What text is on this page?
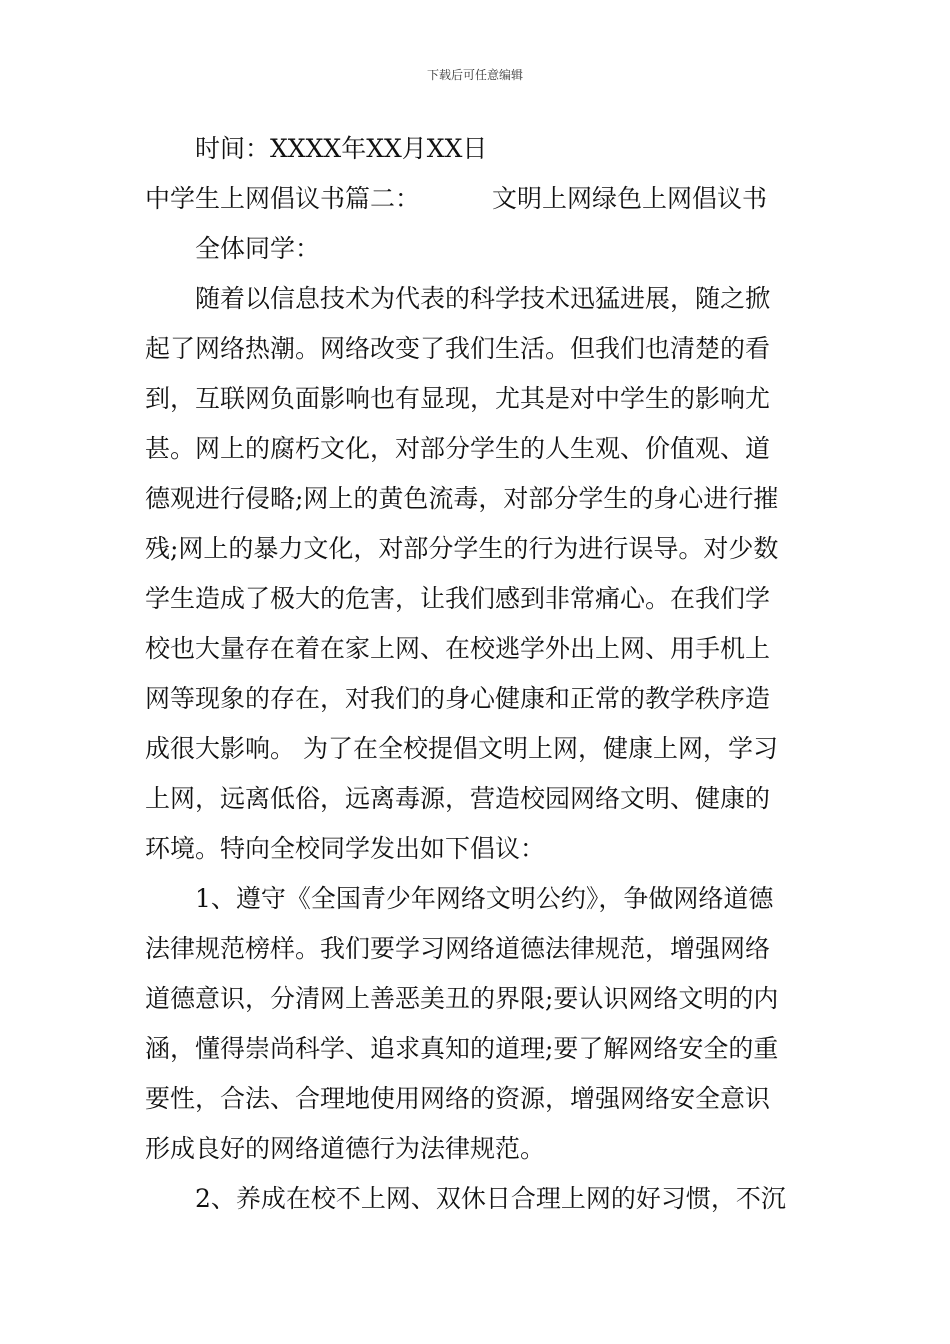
下载后可任意编辑
时间：XXXX年XX月XX日
中学生上网倡议书篇二：	文明上网绿色上网倡议书
全体同学：
随着以信息技术为代表的科学技术迅猛进展，随之掀
起了网络热潮。网络改变了我们生活。但我们也清楚的看
到，互联网负面影响也有显现，尤其是对中学生的影响尤
甚。网上的腐朽文化，对部分学生的人生观、价值观、道
德观进行侵略;网上的黄色流毒，对部分学生的身心进行摧
残;网上的暴力文化，对部分学生的行为进行误导。对少数
学生造成了极大的危害，让我们感到非常痛心。在我们学
校也大量存在着在家上网、在校逃学外出上网、用手机上
网等现象的存在，对我们的身心健康和正常的教学秩序造
成很大影响。 为了在全校提倡文明上网，健康上网，学习
上网，远离低俗，远离毒源，营造校园网络文明、健康的
环境。特向全校同学发出如下倡议：
1、遵守《全国青少年网络文明公约》，争做网络道德
法律规范榜样。我们要学习网络道德法律规范，增强网络
道德意识，分清网上善恶美丑的界限;要认识网络文明的内
涵，懂得崇尚科学、追求真知的道理;要了解网络安全的重
要性，合法、合理地使用网络的资源，增强网络安全意识
形成良好的网络道德行为法律规范。
2、养成在校不上网、双休日合理上网的好习惯，不沉
